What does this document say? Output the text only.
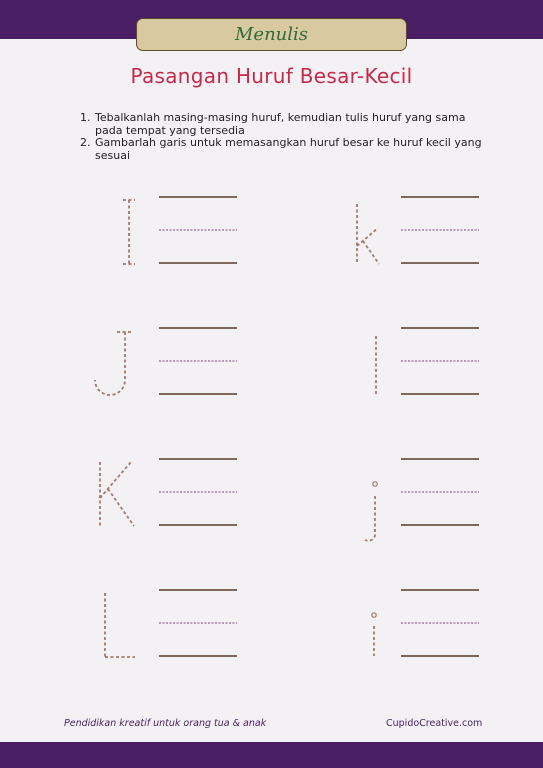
Menulis
Pasangan Huruf Besar-Kecil
1. Tebalkanlah masing-masing huruf, kemudian tulis huruf yang sama pada tempat yang tersedia
2. Gambarlah garis untuk memasangkan huruf besar ke huruf kecil yang sesuai
Pendidikan kreatif untuk orang tua & anak	CupidoCreative.com
